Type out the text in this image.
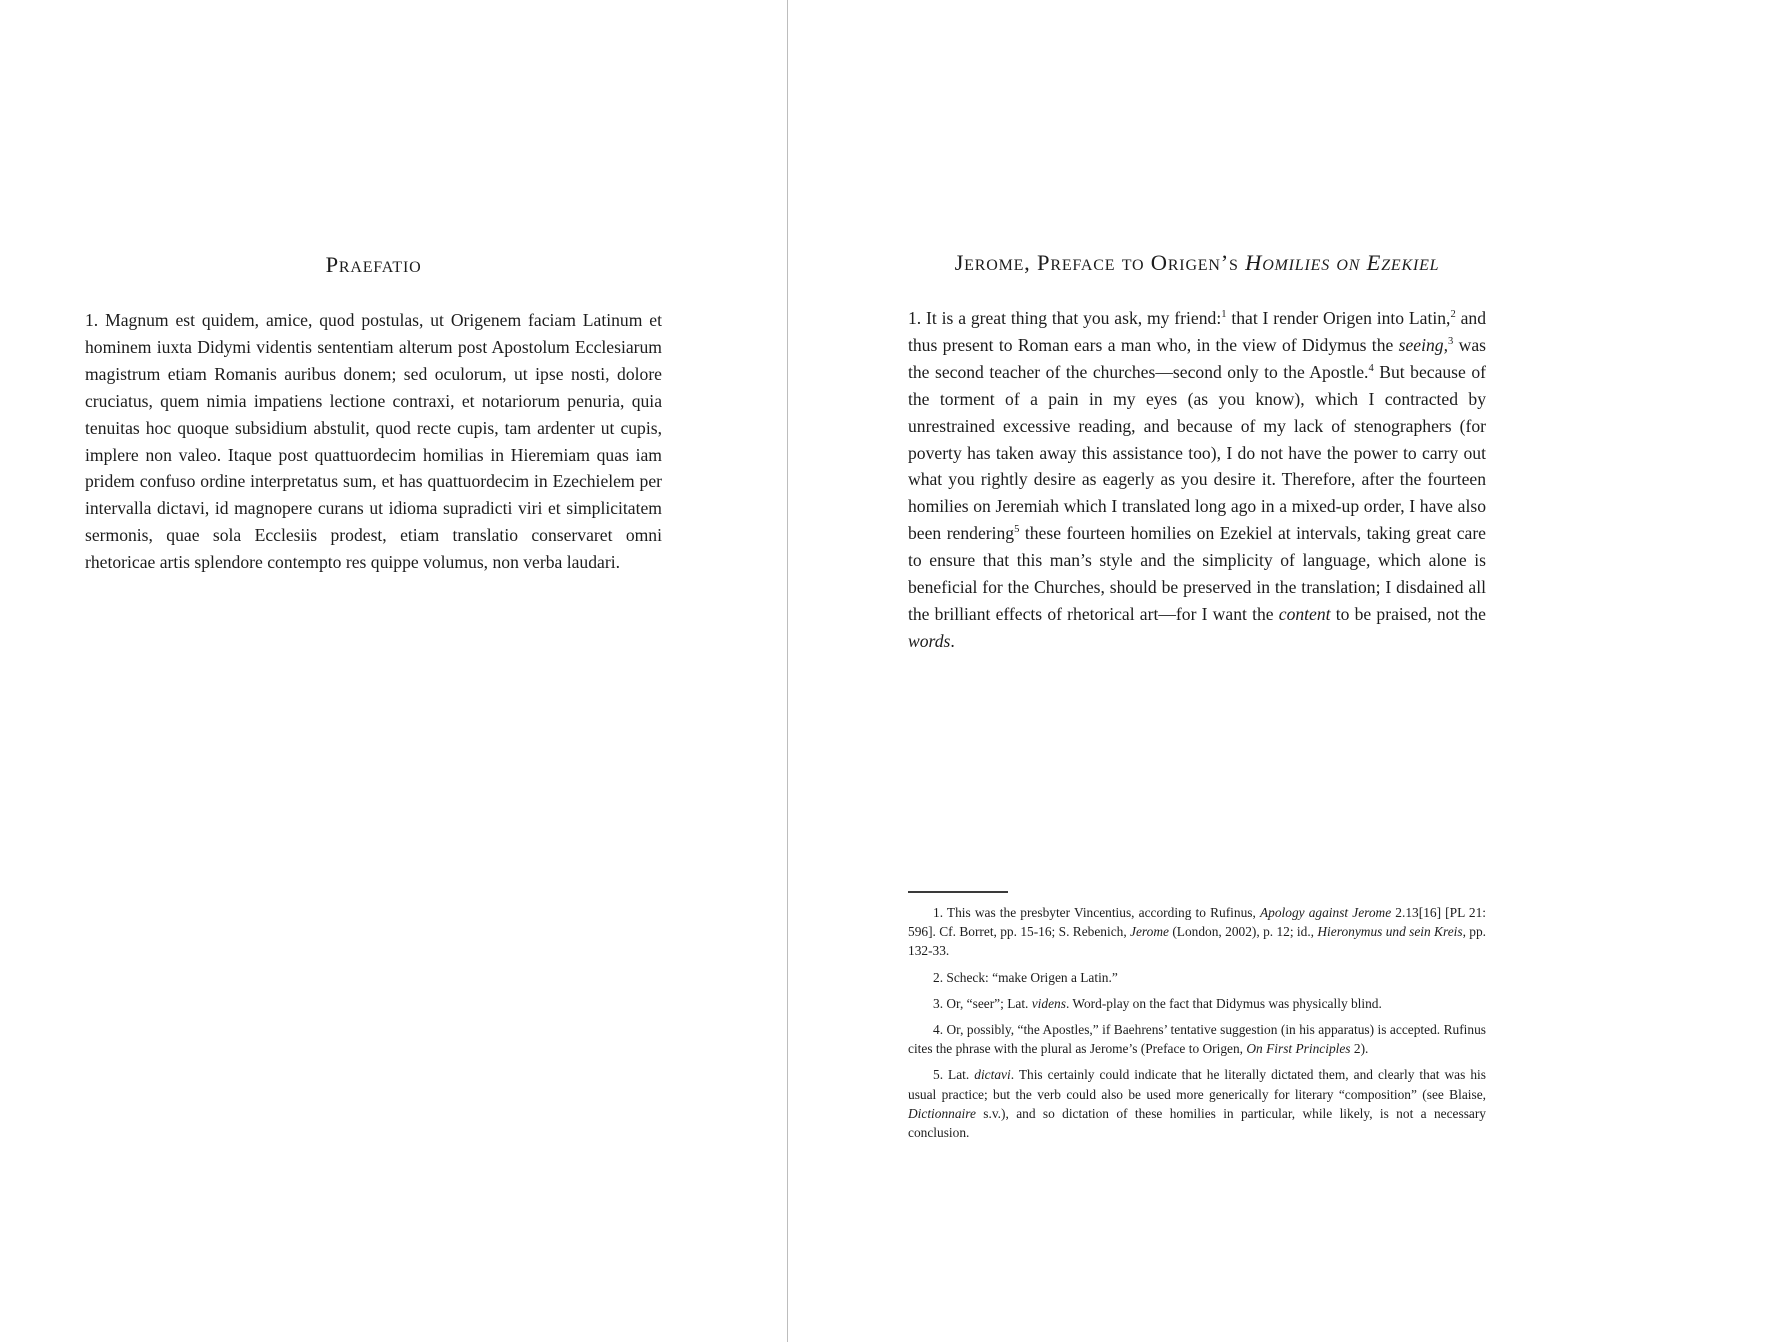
Praefatio

1. Magnum est quidem, amice, quod postulas, ut Origenem faciam Latinum et hominem iuxta Didymi videntis sententiam alterum post Apostolum Ecclesiarum magistrum etiam Romanis auribus donem; sed oculorum, ut ipse nosti, dolore cruciatus, quem nimia impatiens lectione contraxi, et notariorum penuria, quia tenuitas hoc quoque subsidium abstulit, quod recte cupis, tam ardenter ut cupis, implere non valeo. Itaque post quattuordecim homilias in Hieremiam quas iam pridem confuso ordine interpretatus sum, et has quattuordecim in Ezechielem per intervalla dictavi, id magnopere curans ut idioma supradicti viri et simplicitatem sermonis, quae sola Ecclesiis prodest, etiam translatio conservaret omni rhetoricae artis splendore contempto res quippe volumus, non verba laudari.

Jerome, Preface to Origen’s Homilies on Ezekiel

1. It is a great thing that you ask, my friend:$^1$ that I render Origen into Latin,$^2$ and thus present to Roman ears a man who, in the view of Didymus the seeing,$^3$ was the second teacher of the churches—second only to the Apostle.$^4$ But because of the torment of a pain in my eyes (as you know), which I contracted by unrestrained excessive reading, and because of my lack of stenographers (for poverty has taken away this assistance too), I do not have the power to carry out what you rightly desire as eagerly as you desire it. Therefore, after the fourteen homilies on Jeremiah which I translated long ago in a mixed-up order, I have also been rendering$^5$ these fourteen homilies on Ezekiel at intervals, taking great care to ensure that this man’s style and the simplicity of language, which alone is beneficial for the Churches, should be preserved in the translation; I disdained all the brilliant effects of rhetorical art—for I want the content to be praised, not the words.

1. This was the presbyter Vincentius, according to Rufinus, Apology against Jerome 2.13[16] [PL 21: 596]. Cf. Borret, pp. 15-16; S. Rebenich, Jerome (London, 2002), p. 12; id., Hieronymus und sein Kreis, pp. 132-33.

2. Scheck: “make Origen a Latin.”

3. Or, “seer”; Lat. videns. Word-play on the fact that Didymus was physically blind.

4. Or, possibly, “the Apostles,” if Baehrens’ tentative suggestion (in his apparatus) is accepted. Rufinus cites the phrase with the plural as Jerome’s (Preface to Origen, On First Principles 2).

5. Lat. dictavi. This certainly could indicate that he literally dictated them, and clearly that was his usual practice; but the verb could also be used more generically for literary “composition” (see Blaise, Dictionnaire s.v.), and so dictation of these homilies in particular, while likely, is not a necessary conclusion.
